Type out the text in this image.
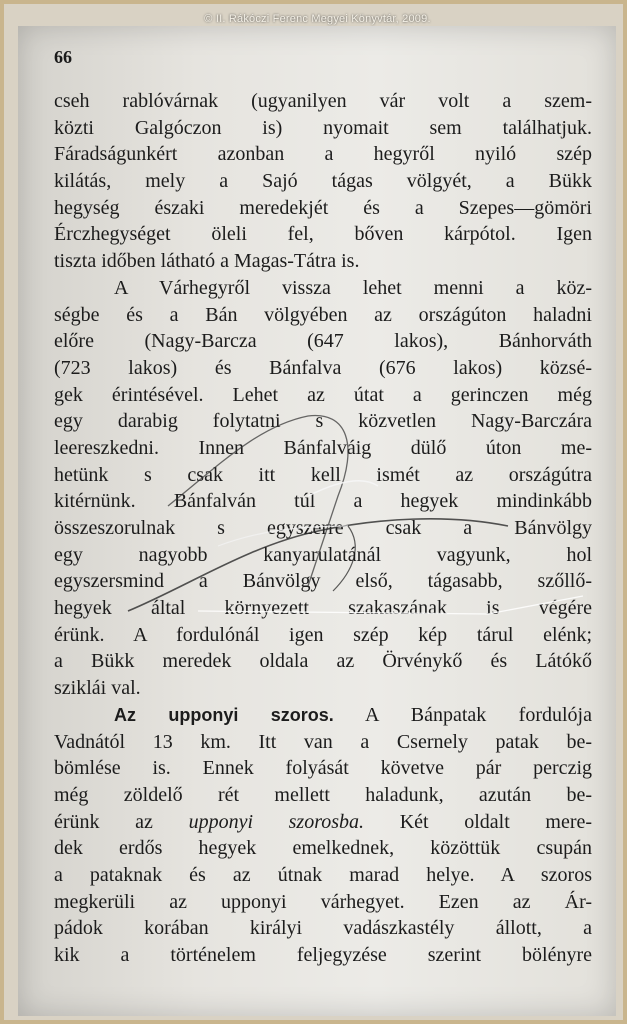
© II. Rákóczi Ferenc Megyei Könyvtár, 2009.
66
cseh rablóvárnak (ugyanilyen vár volt a szem-
közti Galgóczon is) nyomait sem találhatjuk.
Fáradságunkért azonban a hegyről nyiló szép
kilátás, mely a Sajó tágas völgyét, a Bükk
hegység északi meredekjét és a Szepes—gömöri
Érczhegységet öleli fel, bőven kárpótol. Igen
tiszta időben látható a Magas-Tátra is.
A Várhegyről vissza lehet menni a köz-
ségbe és a Bán völgyében az országúton haladni
előre (Nagy-Barcza (647 lakos), Bánhorváth
(723 lakos) és Bánfalva (676 lakos) közsé-
gek érintésével. Lehet az útat a gerinczen még
egy darabig folytatni s közvetlen Nagy-Barczára
leereszkedni. Innen Bánfalváig dülő úton me-
hetünk s csak itt kell ismét az országútra
kitérnünk. Bánfalván túl a hegyek mindinkább
összeszorulnak s egyszerre csak a Bánvölgy
egy nagyobb kanyarulatánál vagyunk, hol
egyszersmind a Bánvölgy első, tágasabb, szőllő-
hegyek által környezett szakaszának is végére
érünk. A fordulónál igen szép kép tárul elénk;
a Bükk meredek oldala az Örvénykő és Látókő
sziklái val.
Az upponyi szoros. A Bánpatak fordulója
Vadnától 13 km. Itt van a Csernely patak be-
bömlése is. Ennek folyását követve pár perczig
még zöldelő rét mellett haladunk, azután be-
érünk az upponyi szorosba. Két oldalt mere-
dek erdős hegyek emelkednek, közöttük csupán
a pataknak és az útnak marad helye. A szoros
megkerüli az upponyi várhegyet. Ezen az Ár-
pádok korában királyi vadászkastély állott, a
kik a történelem feljegyzése szerint bölényre
